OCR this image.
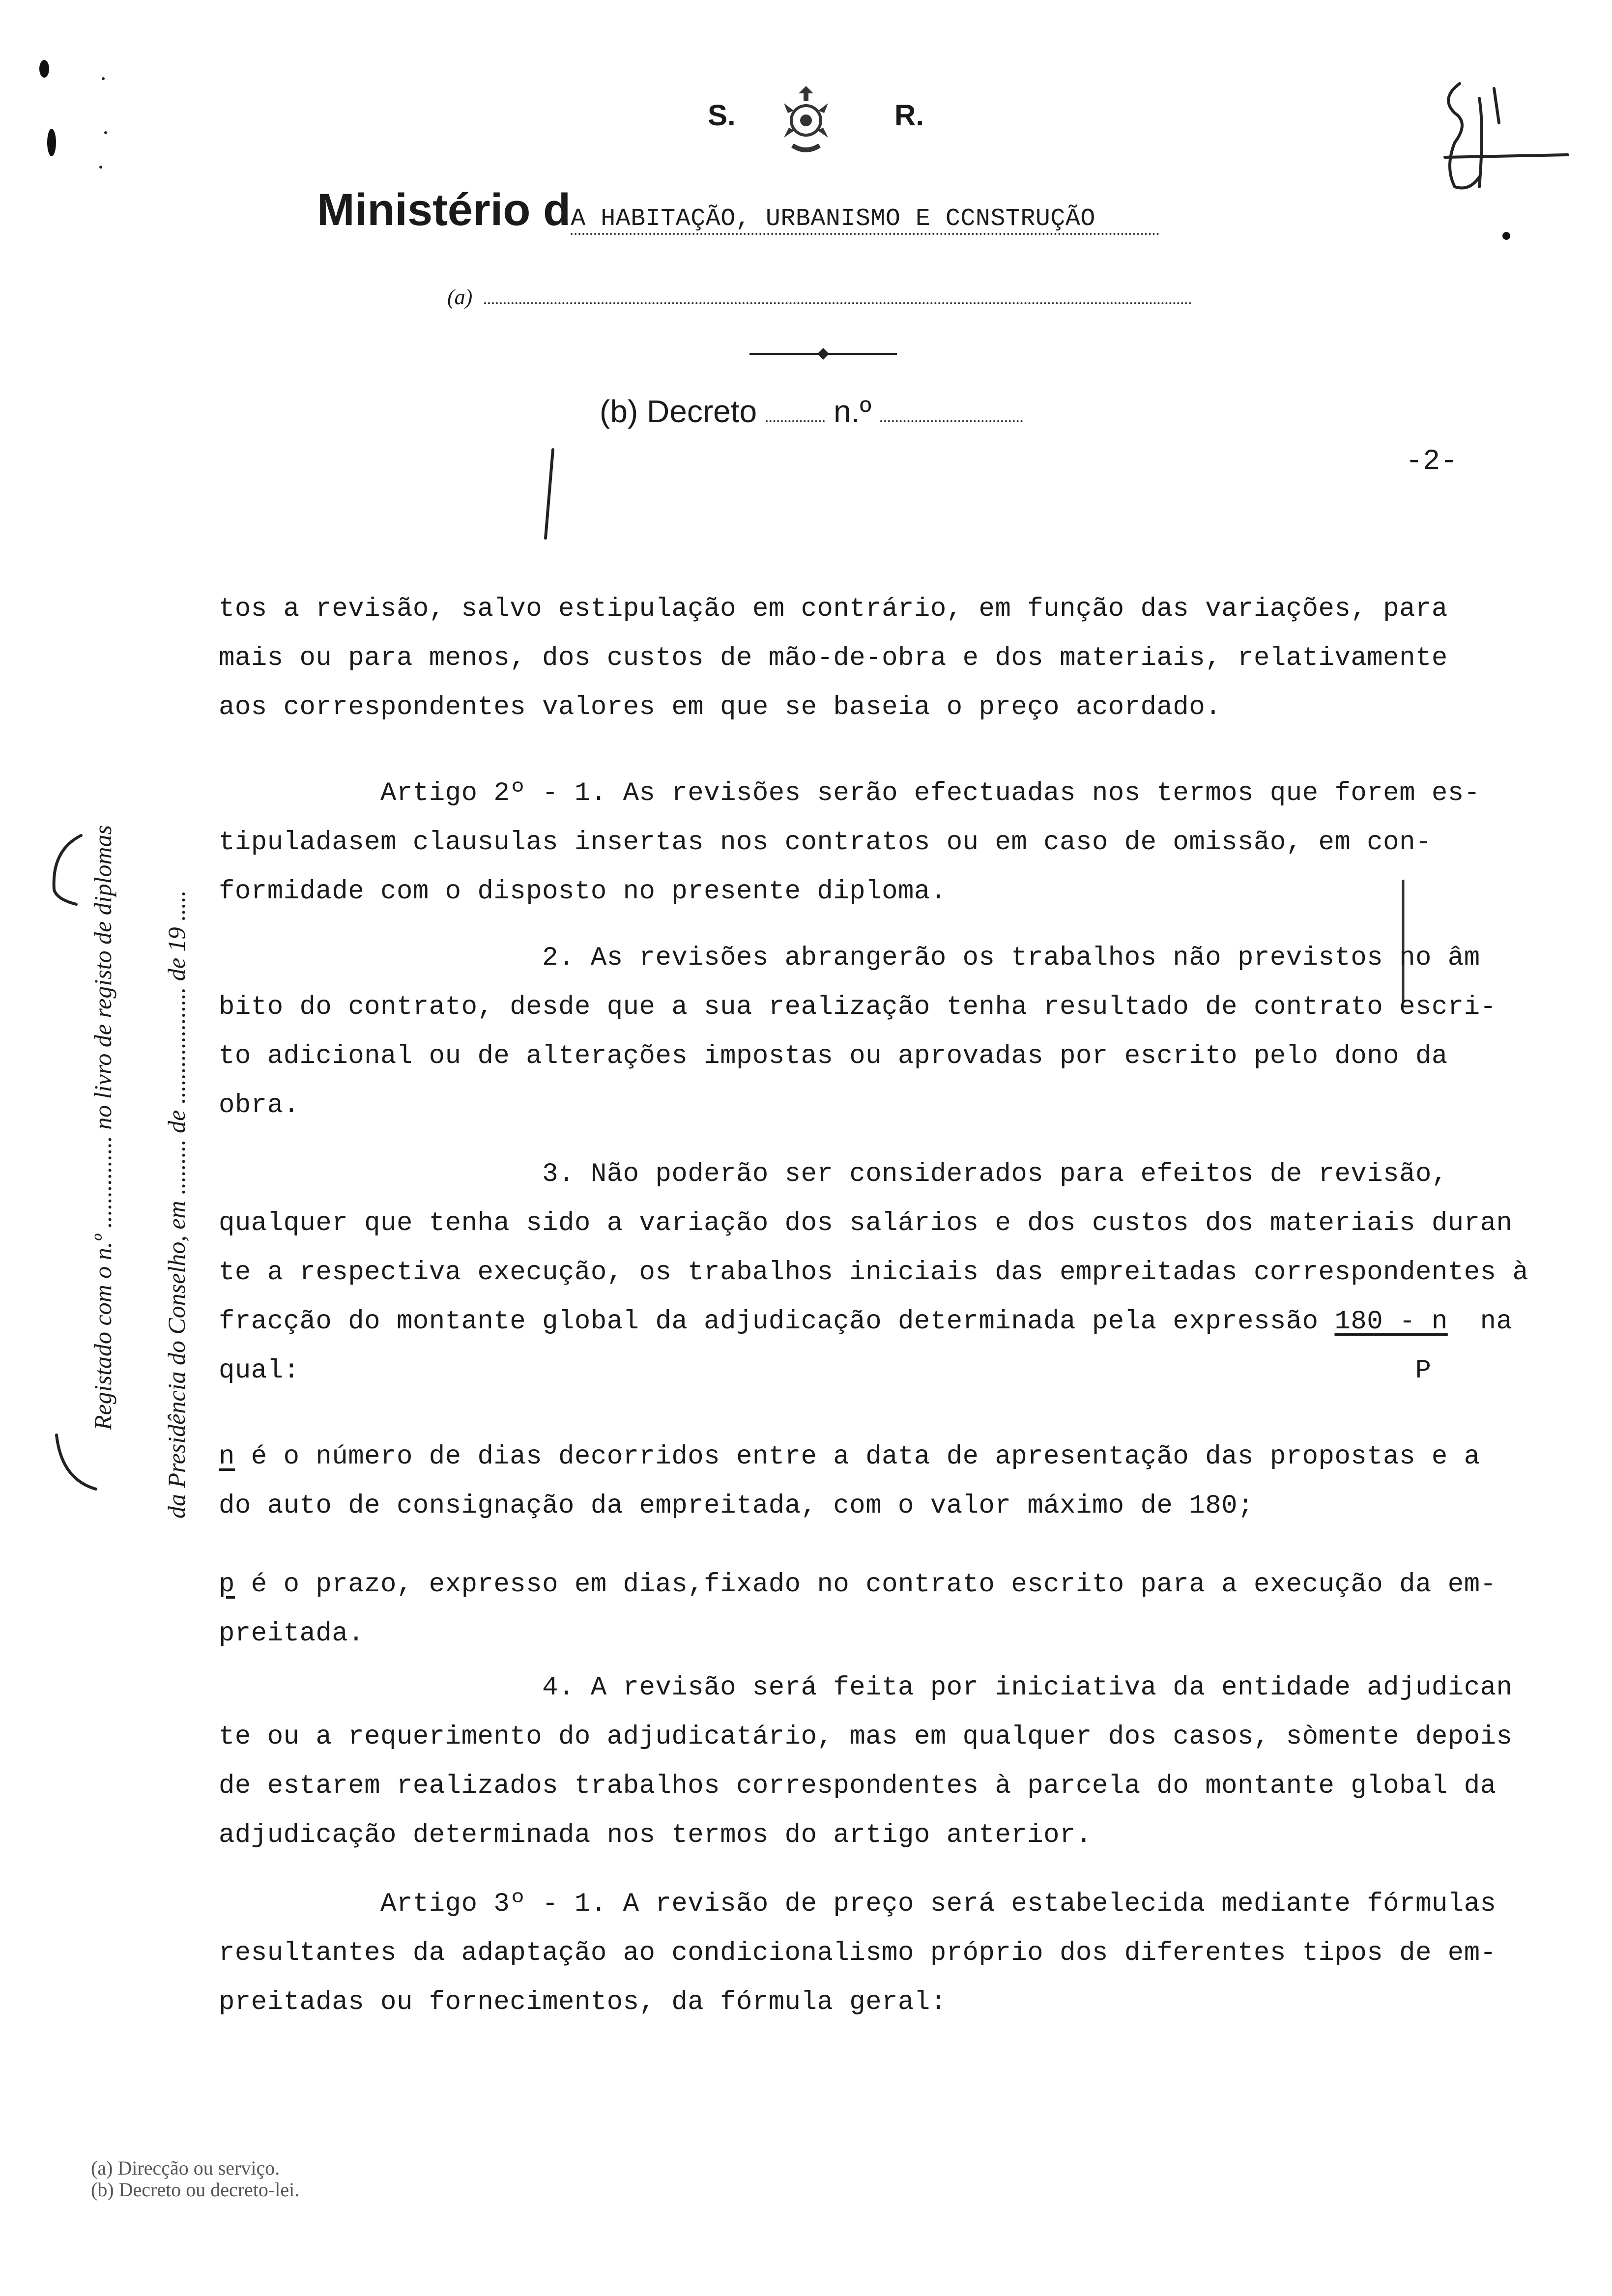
S.	R.
Ministério dA HABITAÇÃO, URBANISMO E CCNSTRUÇÃO
(a)
(b) Decreto n.º
-2-
Registado com o n.º ............... no livro de registo de diplomas da Presidência do Conselho, em ......... de ................... de 19 .....
tos a revisão, salvo estipulação em contrário, em função das variações, para
mais ou para menos, dos custos de mão-de-obra e dos materiais, relativamente
aos correspondentes valores em que se baseia o preço acordado.
Artigo 2º - 1. As revisões serão efectuadas nos termos que forem es-
tipuladasem clausulas insertas nos contratos ou em caso de omissão, em con-
formidade com o disposto no presente diploma.
2. As revisões abrangerão os trabalhos não previstos no âm
bito do contrato, desde que a sua realização tenha resultado de contrato escri-
to adicional ou de alterações impostas ou aprovadas por escrito pelo dono da
obra.
3. Não poderão ser considerados para efeitos de revisão,
qualquer que tenha sido a variação dos salários e dos custos dos materiais duran
te a respectiva execução, os trabalhos iniciais das empreitadas correspondentes à
fracção do montante global da adjudicação determinada pela expressão 180 - n na
qual:	P
n é o número de dias decorridos entre a data de apresentação das propostas e a
do auto de consignação da empreitada, com o valor máximo de 180;
p é o prazo, expresso em dias,fixado no contrato escrito para a execução da em-
preitada.
4. A revisão será feita por iniciativa da entidade adjudican
te ou a requerimento do adjudicatário, mas em qualquer dos casos, sòmente depois
de estarem realizados trabalhos correspondentes à parcela do montante global da
adjudicação determinada nos termos do artigo anterior.
Artigo 3º - 1. A revisão de preço será estabelecida mediante fórmulas
resultantes da adaptação ao condicionalismo próprio dos diferentes tipos de em-
preitadas ou fornecimentos, da fórmula geral:
(a) Direcção ou serviço.
(b) Decreto ou decreto-lei.
